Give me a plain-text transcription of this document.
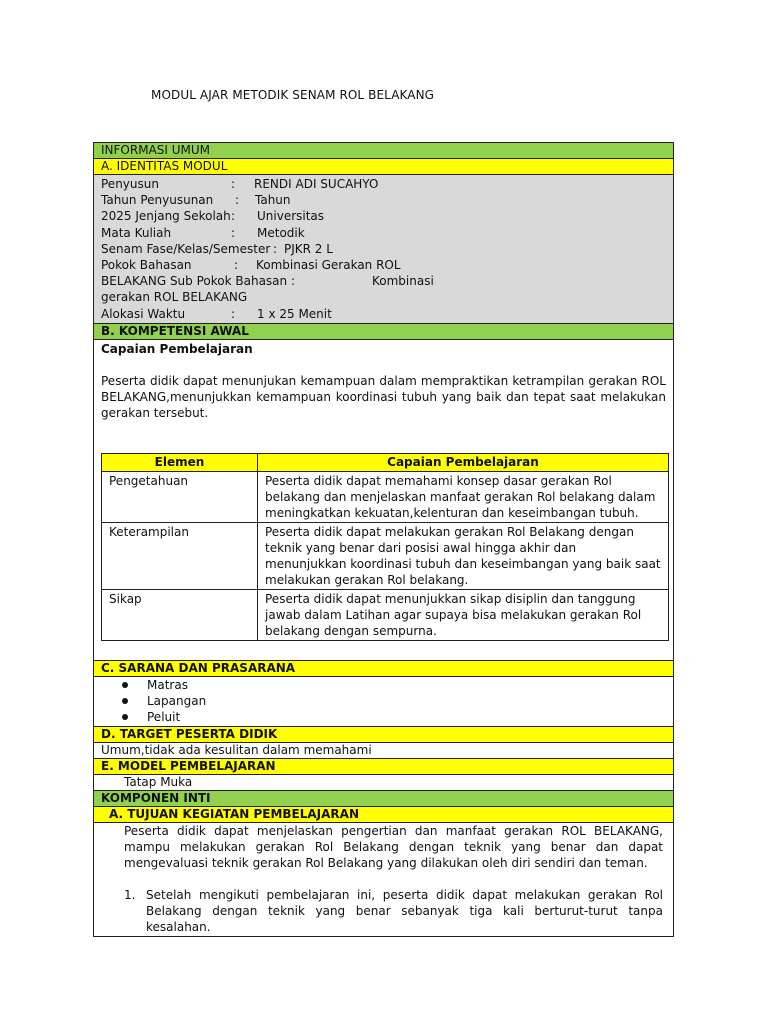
MODUL AJAR METODIK SENAM ROL BELAKANG
INFORMASI UMUM
A. IDENTITAS MODUL
Penyusun	: RENDI ADI SUCAHYO
Tahun Penyusunan : Tahun
2025 Jenjang Sekolah : Universitas
Mata Kuliah	: Metodik
Senam Fase/Kelas/Semester : PJKR 2 L
Pokok Bahasan	: Kombinasi Gerakan ROL
BELAKANG Sub Pokok Bahasan :	Kombinasi
gerakan ROL BELAKANG
Alokasi Waktu	: 1 x 25 Menit
B. KOMPETENSI AWAL
Capaian Pembelajaran
Peserta didik dapat menunjukan kemampuan dalam mempraktikan ketrampilan gerakan ROL BELAKANG,menunjukkan kemampuan koordinasi tubuh yang baik dan tepat saat melakukan gerakan tersebut.
Elemen	Capaian Pembelajaran
Pengetahuan	Peserta didik dapat memahami konsep dasar gerakan Rol belakang dan menjelaskan manfaat gerakan Rol belakang dalam meningkatkan kekuatan,kelenturan dan keseimbangan tubuh.
Keterampilan	Peserta didik dapat melakukan gerakan Rol Belakang dengan teknik yang benar dari posisi awal hingga akhir dan menunjukkan koordinasi tubuh dan keseimbangan yang baik saat melakukan gerakan Rol belakang.
Sikap	Peserta didik dapat menunjukkan sikap disiplin dan tanggung jawab dalam Latihan agar supaya bisa melakukan gerakan Rol belakang dengan sempurna.
C. SARANA DAN PRASARANA
Matras
Lapangan
Peluit
D. TARGET PESERTA DIDIK
Umum,tidak ada kesulitan dalam memahami
E. MODEL PEMBELAJARAN
Tatap Muka
KOMPONEN INTI
A. TUJUAN KEGIATAN PEMBELAJARAN
Peserta didik dapat menjelaskan pengertian dan manfaat gerakan ROL BELAKANG, mampu melakukan gerakan Rol Belakang dengan teknik yang benar dan dapat mengevaluasi teknik gerakan Rol Belakang yang dilakukan oleh diri sendiri dan teman.
1. Setelah mengikuti pembelajaran ini, peserta didik dapat melakukan gerakan Rol Belakang dengan teknik yang benar sebanyak tiga kali berturut-turut tanpa kesalahan.
